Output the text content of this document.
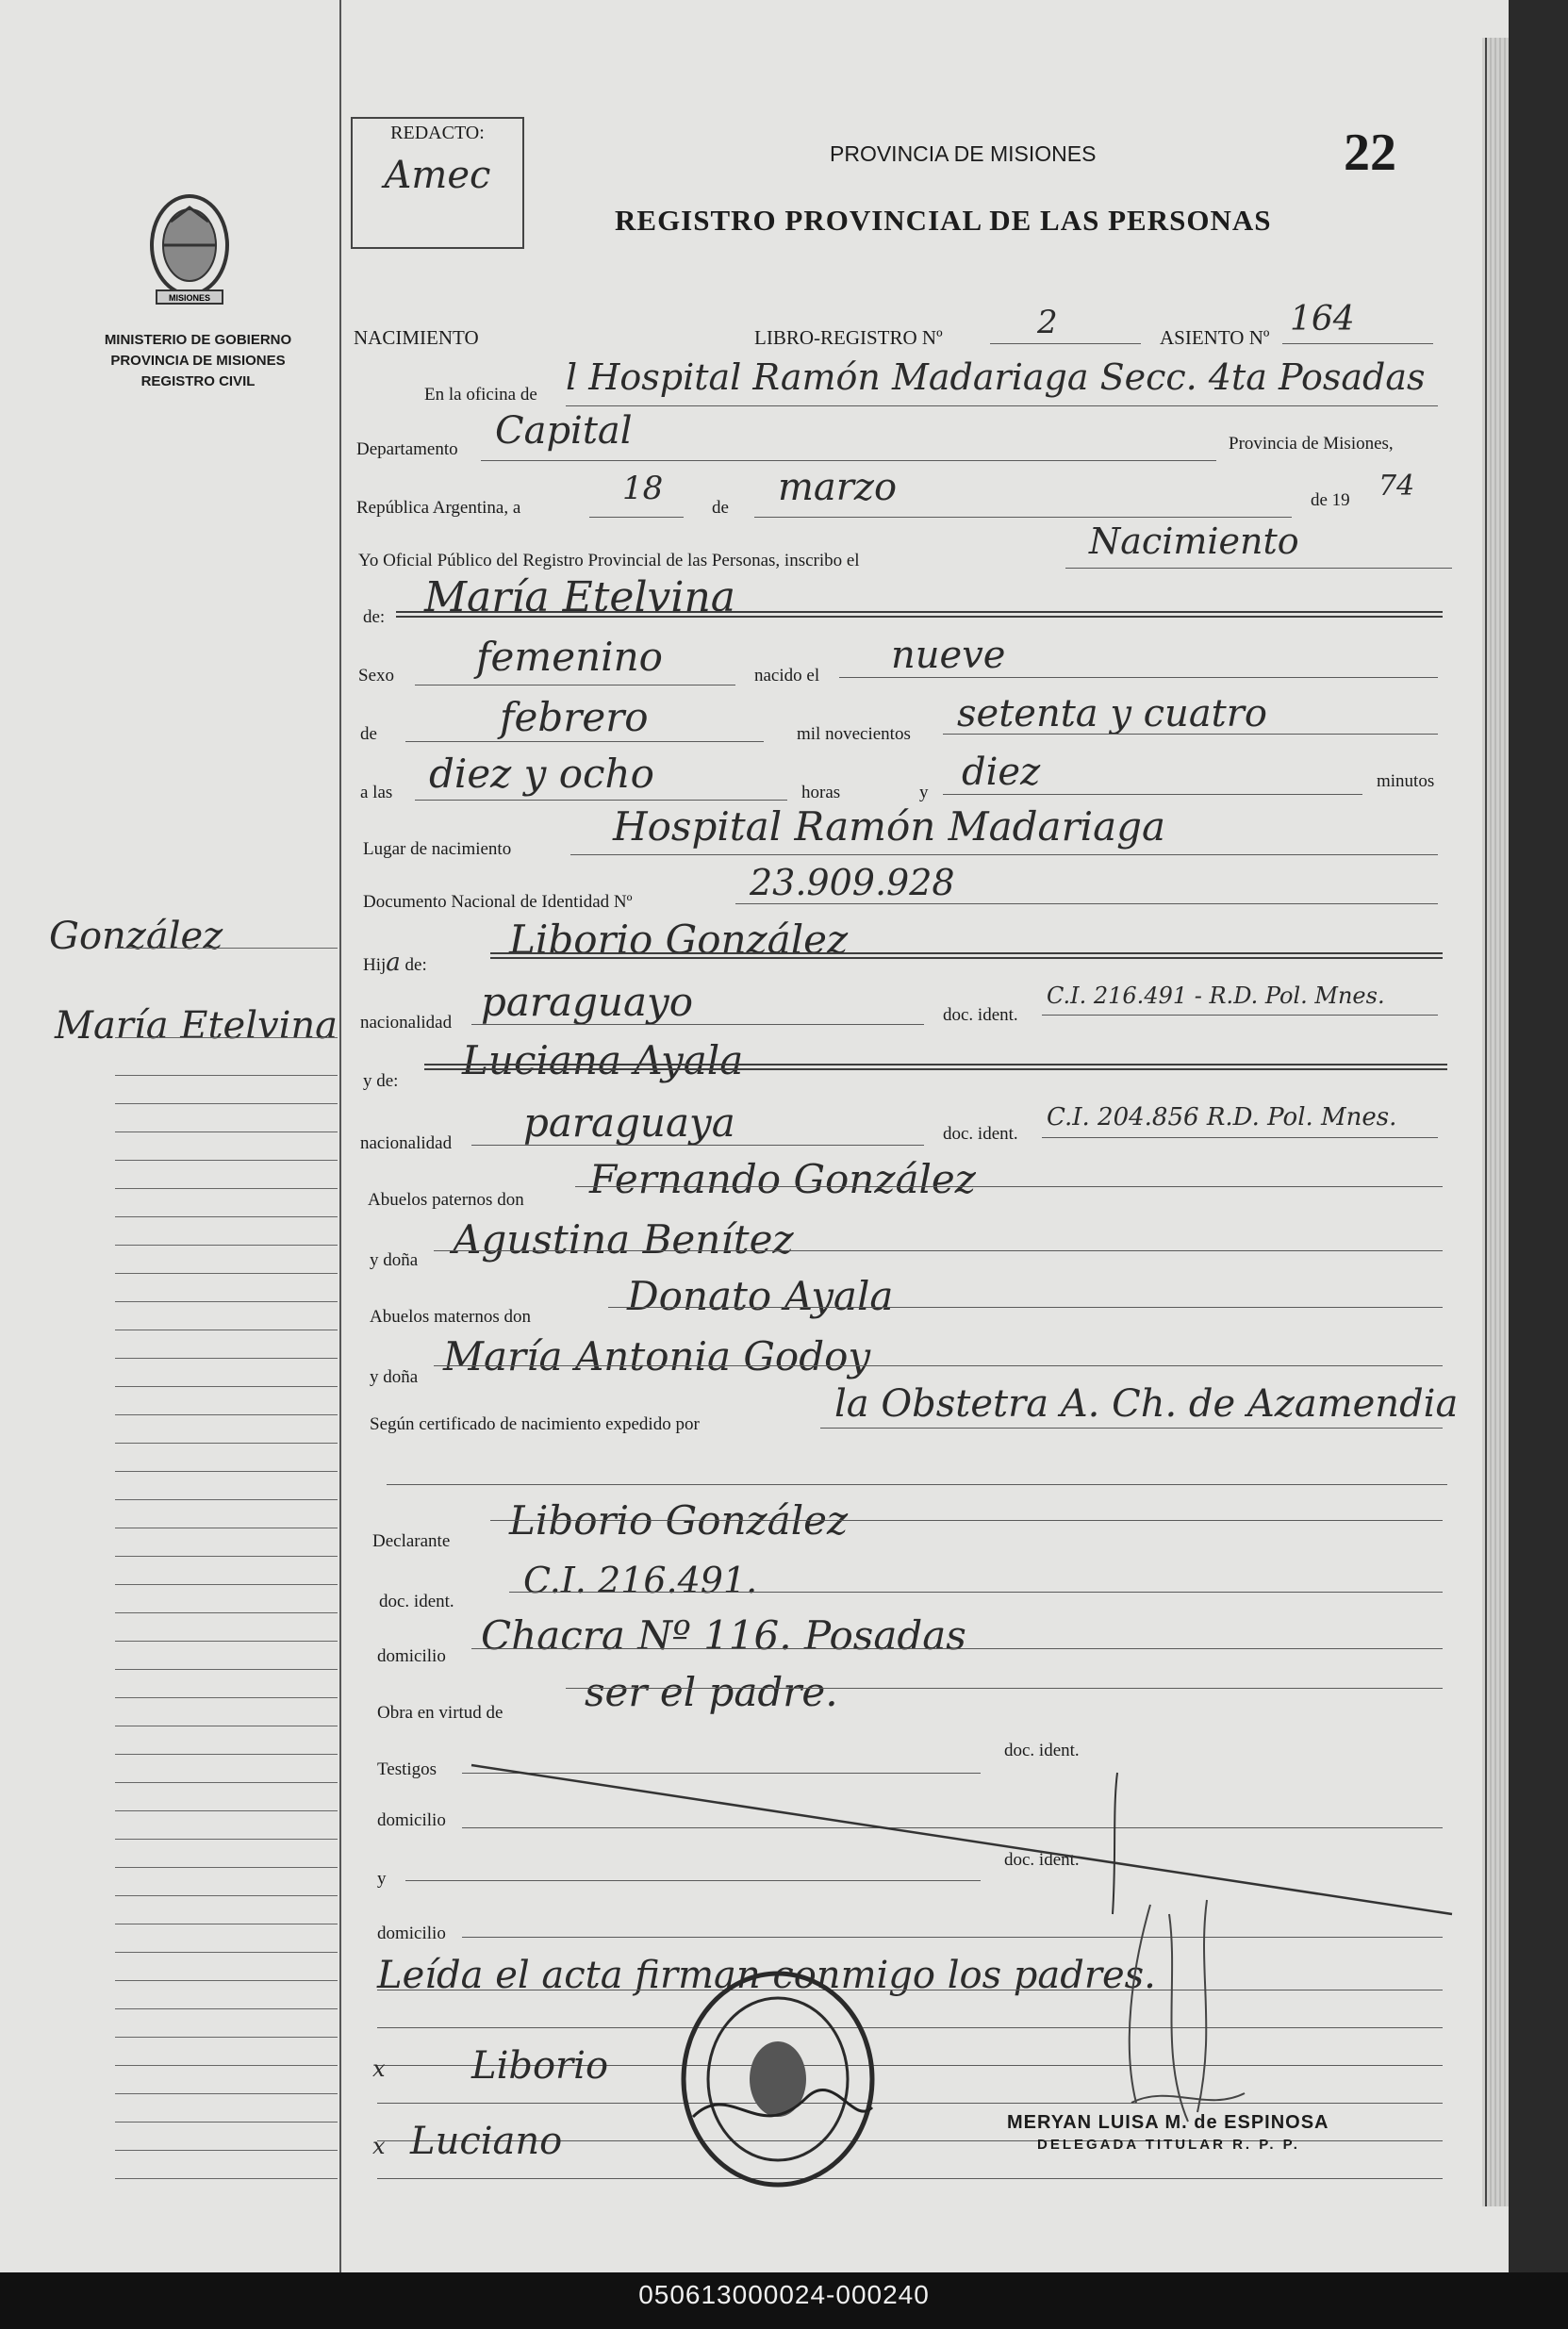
MISIONES
MINISTERIO DE GOBIERNO
PROVINCIA DE MISIONES
REGISTRO CIVIL
González
María Etelvina
REDACTO:
Amec	PROVINCIA DE MISIONES
REGISTRO PROVINCIAL DE LAS PERSONAS
22
NACIMIENTO	LIBRO-REGISTRO Nº	2	ASIENTO Nº 164
En la oficina de l Hospital Ramón Madariaga Secc. 4ta Posadas
Departamento Capital	Provincia de Misiones,
República Argentina, a
18
de marzo	de 19 74
Yo Oficial Público del Registro Provincial de las Personas, inscribo el	Nacimiento
de: María Etelvina
Sexo femenino	nacido el nueve
de	febrero	mil novecientos setenta y cuatro
a las diez y ocho	horas	y diez	minutos
Lugar de nacimiento	Hospital Ramón Madariaga
Documento Nacional de Identidad Nº	23.909.928
Hija de:
Liborio González
nacionalidad paraguayo	doc. ident.
C.I. 216.491 - R.D. Pol. Mnes.
y de: Luciana Ayala
nacionalidad paraguaya	doc. ident.
C.I. 204.856 R.D. Pol. Mnes.
Abuelos paternos don Fernando González
y doña Agustina Benítez
Abuelos maternos don Donato Ayala
y doña María Antonia Godoy
Según certificado de nacimiento expedido por	la Obstetra A. Ch. de Azamendia
Declarante Liborio González
doc. ident.
C.I. 216.491.
domicilio Chacra Nº 116. Posadas
Obra en virtud de ser el padre.
Testigos
doc. ident.
domicilio
y
doc. ident.
domicilio
Leída el acta firman conmigo los padres.
x Liborio
x Luciano	MERYAN LUISA M. de ESPINOSA
DELEGADA TITULAR R. P. P.
050613000024-000240
